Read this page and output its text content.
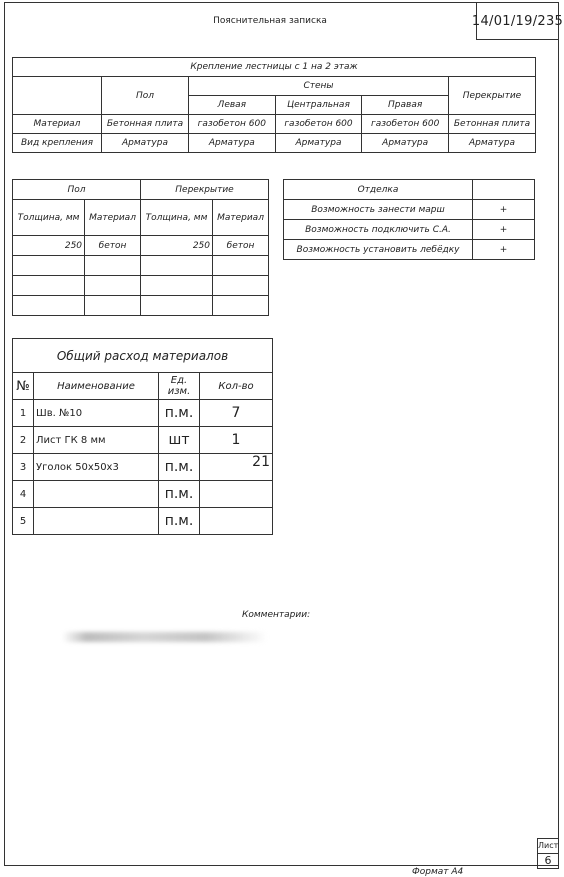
14/01/19/235
Пояснительная записка
Крепление лестницы с 1 на 2 этаж					
	Пол	Стены			Перекрытие
		Левая	Центральная	Правая	
Материал	Бетонная плита	газобетон 600	газобетон 600	газобетон 600	Бетонная плита
Вид крепления	Арматура	Арматура	Арматура	Арматура	Арматура
Пол		Перекрытие	
Толщина, мм	Материал	Толщина, мм	Материал
250	бетон	250	бетон

Отделка	
Возможность занести марш	+
Возможность подключить С.А.	+
Возможность установить лебёдку	+
Общий расход материалов			
№	Наименование	Ед. изм.	Кол-во
1	Шв. №10	п.м.	7
2	Лист ГК 8 мм	шт	1
3	Уголок 50х50х3	п.м.	21
4		п.м.	
5		п.м.	
Комментарии:
Лист
6
Формат А4
